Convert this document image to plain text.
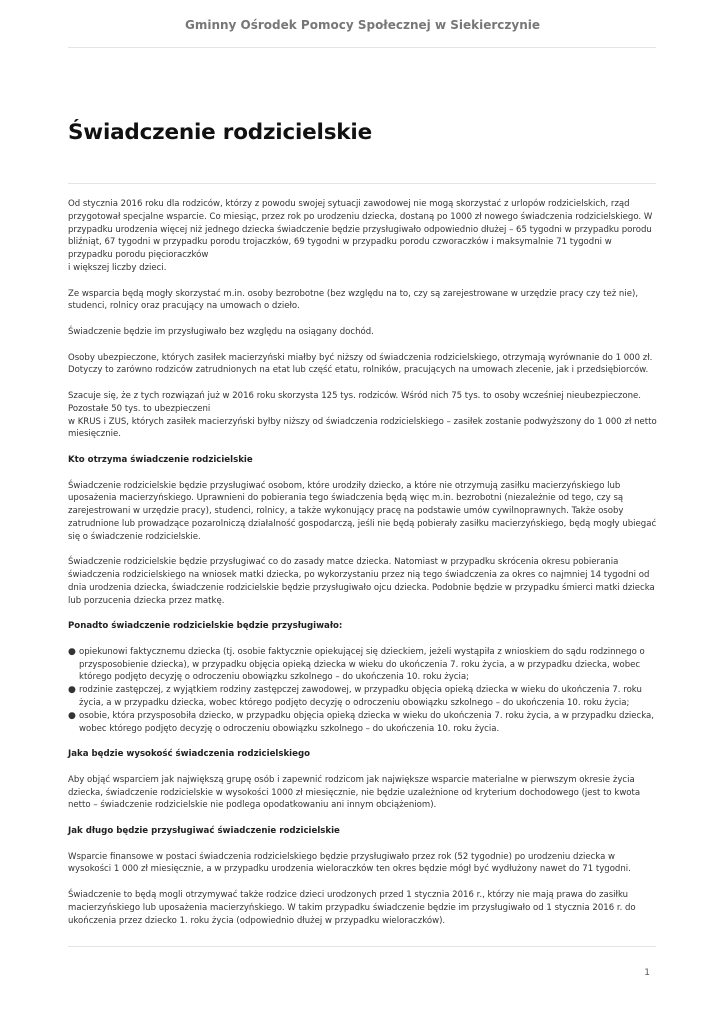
Gminny Ośrodek Pomocy Społecznej w Siekierczynie
Świadczenie rodzicielskie

Od stycznia 2016 roku dla rodziców, którzy z powodu swojej sytuacji zawodowej nie mogą skorzystać z urlopów rodzicielskich, rząd przygotował specjalne wsparcie. Co miesiąc, przez rok po urodzeniu dziecka, dostaną po 1000 zł nowego świadczenia rodzicielskiego. W przypadku urodzenia więcej niż jednego dziecka świadczenie będzie przysługiwało odpowiednio dłużej – 65 tygodni w przypadku porodu bliźniąt, 67 tygodni w przypadku porodu trojaczków, 69 tygodni w przypadku porodu czworaczków i maksymalnie 71 tygodni w przypadku porodu pięcioraczków
i większej liczby dzieci.

Ze wsparcia będą mogły skorzystać m.in. osoby bezrobotne (bez względu na to, czy są zarejestrowane w urzędzie pracy czy też nie), studenci, rolnicy oraz pracujący na umowach o dzieło.

Świadczenie będzie im przysługiwało bez względu na osiągany dochód.

Osoby ubezpieczone, których zasiłek macierzyński miałby być niższy od świadczenia rodzicielskiego, otrzymają wyrównanie do 1 000 zł. Dotyczy to zarówno rodziców zatrudnionych na etat lub część etatu, rolników, pracujących na umowach zlecenie, jak i przedsiębiorców.

Szacuje się, że z tych rozwiązań już w 2016 roku skorzysta 125 tys. rodziców. Wśród nich 75 tys. to osoby wcześniej nieubezpieczone. Pozostałe 50 tys. to ubezpieczeni
w KRUS i ZUS, których zasiłek macierzyński byłby niższy od świadczenia rodzicielskiego – zasiłek zostanie podwyższony do 1 000 zł netto miesięcznie.

Kto otrzyma świadczenie rodzicielskie

Świadczenie rodzicielskie będzie przysługiwać osobom, które urodziły dziecko, a które nie otrzymują zasiłku macierzyńskiego lub uposażenia macierzyńskiego. Uprawnieni do pobierania tego świadczenia będą więc m.in. bezrobotni (niezależnie od tego, czy są zarejestrowani w urzędzie pracy), studenci, rolnicy, a także wykonujący pracę na podstawie umów cywilnoprawnych. Także osoby zatrudnione lub prowadzące pozarolniczą działalność gospodarczą, jeśli nie będą pobierały zasiłku macierzyńskiego, będą mogły ubiegać się o świadczenie rodzicielskie.

Świadczenie rodzicielskie będzie przysługiwać co do zasady matce dziecka. Natomiast w przypadku skrócenia okresu pobierania świadczenia rodzicielskiego na wniosek matki dziecka, po wykorzystaniu przez nią tego świadczenia za okres co najmniej 14 tygodni od dnia urodzenia dziecka, świadczenie rodzicielskie będzie przysługiwało ojcu dziecka. Podobnie będzie w przypadku śmierci matki dziecka lub porzucenia dziecka przez matkę.

Ponadto świadczenie rodzicielskie będzie przysługiwało:
● opiekunowi faktycznemu dziecka (tj. osobie faktycznie opiekującej się dzieckiem, jeżeli wystąpiła z wnioskiem do sądu rodzinnego o przysposobienie dziecka), w przypadku objęcia opieką dziecka w wieku do ukończenia 7. roku życia, a w przypadku dziecka, wobec którego podjęto decyzję o odroczeniu obowiązku szkolnego – do ukończenia 10. roku życia;
● rodzinie zastępczej, z wyjątkiem rodziny zastępczej zawodowej, w przypadku objęcia opieką dziecka w wieku do ukończenia 7. roku życia, a w przypadku dziecka, wobec którego podjęto decyzję o odroczeniu obowiązku szkolnego – do ukończenia 10. roku życia;
● osobie, która przysposobiła dziecko, w przypadku objęcia opieką dziecka w wieku do ukończenia 7. roku życia, a w przypadku dziecka, wobec którego podjęto decyzję o odroczeniu obowiązku szkolnego – do ukończenia 10. roku życia.
Jaka będzie wysokość świadczenia rodzicielskiego

Aby objąć wsparciem jak największą grupę osób i zapewnić rodzicom jak największe wsparcie materialne w pierwszym okresie życia dziecka, świadczenie rodzicielskie w wysokości 1000 zł miesięcznie, nie będzie uzależnione od kryterium dochodowego (jest to kwota netto – świadczenie rodzicielskie nie podlega opodatkowaniu ani innym obciążeniom).

Jak długo będzie przysługiwać świadczenie rodzicielskie

Wsparcie finansowe w postaci świadczenia rodzicielskiego będzie przysługiwało przez rok (52 tygodnie) po urodzeniu dziecka w wysokości 1 000 zł miesięcznie, a w przypadku urodzenia wieloraczków ten okres będzie mógł być wydłużony nawet do 71 tygodni.

Świadczenie to będą mogli otrzymywać także rodzice dzieci urodzonych przed 1 stycznia 2016 r., którzy nie mają prawa do zasiłku macierzyńskiego lub uposażenia macierzyńskiego. W takim przypadku świadczenie będzie im przysługiwało od 1 stycznia 2016 r. do ukończenia przez dziecko 1. roku życia (odpowiednio dłużej w przypadku wieloraczków).

1
